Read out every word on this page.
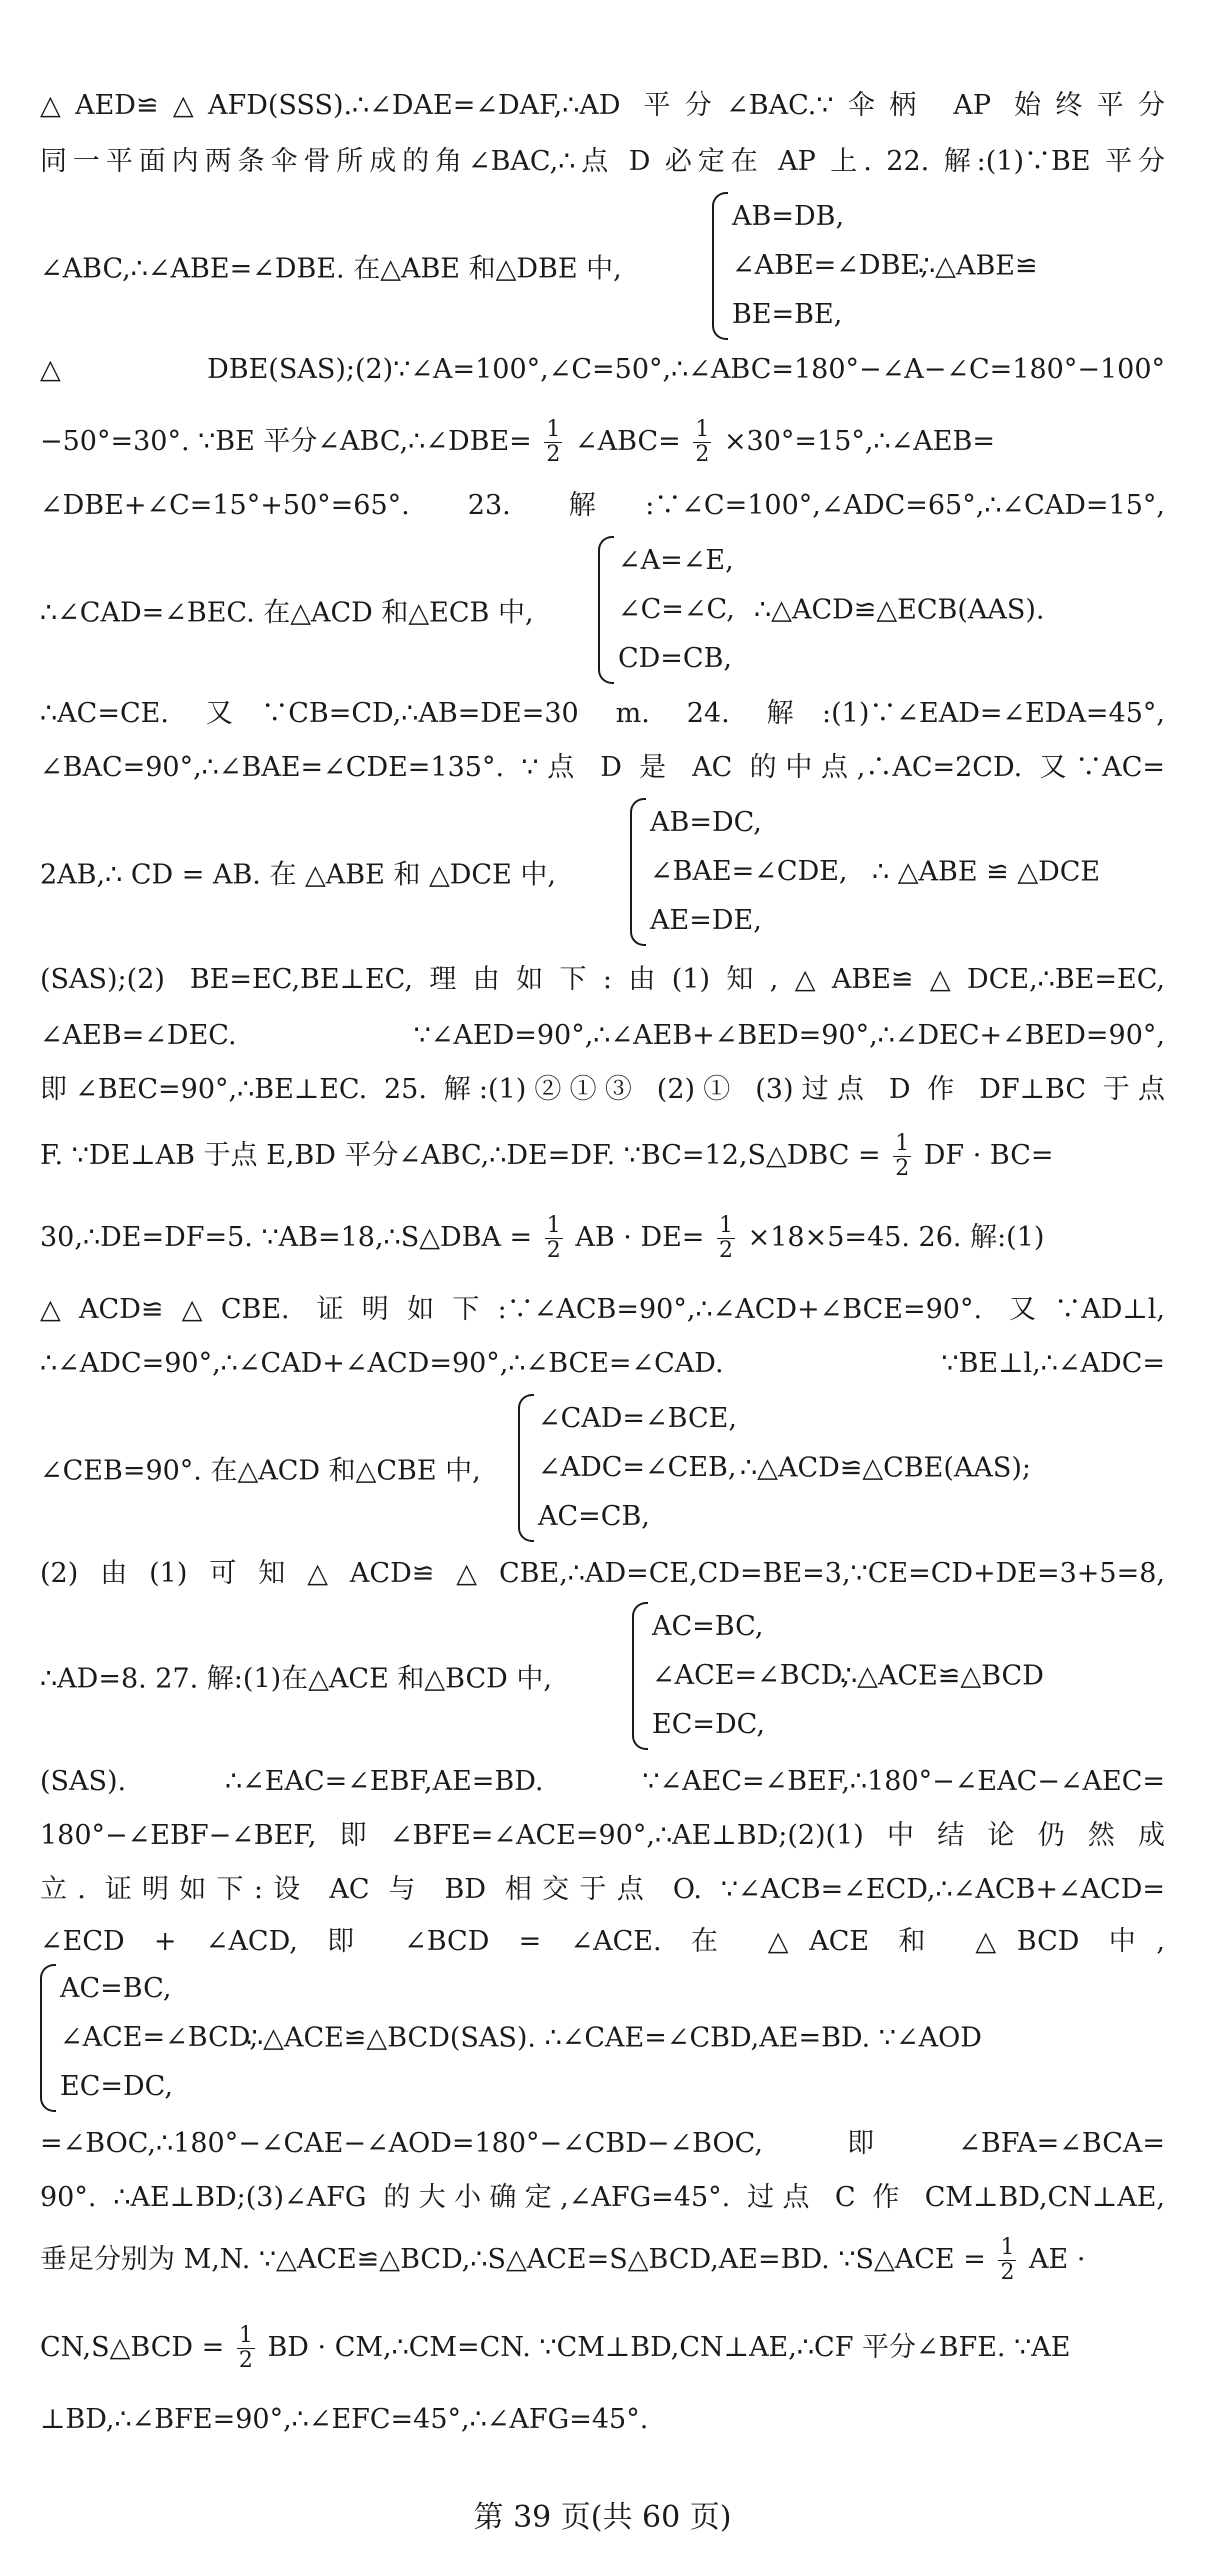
△AED≌△AFD(SSS).∴∠DAE=∠DAF,∴AD 平分∠BAC.∵伞柄 AP 始终平分
同一平面内两条伞骨所成的角∠BAC,∴点 D 必定在 AP 上. 22. 解:(1)∵BE 平分
∠ABC,∴∠ABE=∠DBE. 在△ABE 和△DBE 中,
AB=DB,
∠ABE=∠DBE,
BE=BE,
∴△ABE≌
△DBE(SAS);(2)∵∠A=100°,∠C=50°,∴∠ABC=180°−∠A−∠C=180°−100°
−50°=30°. ∵BE 平分∠ABC,∴∠DBE= $\frac{1}{2}$ ∠ABC= $\frac{1}{2}$ ×30°=15°,∴∠AEB=
∠DBE+∠C=15°+50°=65°. 23. 解:∵∠C=100°,∠ADC=65°,∴∠CAD=15°,
∴∠CAD=∠BEC. 在△ACD 和△ECB 中,
∠A=∠E,
∠C=∠C,
CD=CB,
∴△ACD≌△ECB(AAS).
∴AC=CE. 又∵CB=CD,∴AB=DE=30 m. 24. 解:(1)∵∠EAD=∠EDA=45°,
∠BAC=90°,∴∠BAE=∠CDE=135°. ∵点 D 是 AC 的中点,∴AC=2CD. 又∵AC=
2AB,∴ CD = AB. 在 △ABE 和 △DCE 中,
AB=DC,
∠BAE=∠CDE,
AE=DE,
∴ △ABE ≌ △DCE
(SAS);(2) BE=EC,BE⊥EC,理由如下:由(1)知,△ABE≌△DCE,∴BE=EC,
∠AEB=∠DEC. ∵∠AED=90°,∴∠AEB+∠BED=90°,∴∠DEC+∠BED=90°,
即∠BEC=90°,∴BE⊥EC. 25. 解:(1)②①③ (2)① (3)过点 D 作 DF⊥BC 于点
F. ∵DE⊥AB 于点 E,BD 平分∠ABC,∴DE=DF. ∵BC=12,S△DBC = $\frac{1}{2}$ DF · BC=
30,∴DE=DF=5. ∵AB=18,∴S△DBA = $\frac{1}{2}$ AB · $DE= \frac{1}{2} \times 18\times 5=45$. 26. 解:(1)
△ACD≌△CBE. 证明如下:∵∠ACB=90°,∴∠ACD+∠BCE=90°. 又∵AD⊥l,
∴∠ADC=90°,∴∠CAD+∠ACD=90°,∴∠BCE=∠CAD. ∵BE⊥l,∴∠ADC=
∠CEB=90°. 在△ACD 和△CBE 中,
∠CAD=∠BCE,
∠ADC=∠CEB,
AC=CB,
∴△ACD≌△CBE(AAS);
(2)由(1)可知△ACD≌△CBE,∴AD=CE,CD=BE=3,∵CE=CD+DE=3+5=8,
∴AD=8. 27. 解:(1)在△ACE 和△BCD 中,
AC=BC,
∠ACE=∠BCD,
EC=DC,
∴△ACE≌△BCD
(SAS). ∴∠EAC=∠EBF,AE=BD. ∵∠AEC=∠BEF,∴180°−∠EAC−∠AEC=
180°−∠EBF−∠BEF,即∠BFE=∠ACE=90°,∴AE⊥BD;(2)(1)中结论仍然成
立. 证明如下:设 AC 与 BD 相交于点 O. ∵∠ACB=∠ECD,∴∠ACB+∠ACD=
∠ECD + ∠ACD, 即 ∠BCD = ∠ACE. 在 △ACE 和 △BCD 中,
AC=BC,
∠ACE=∠BCD,
EC=DC,
∴△ACE≌△BCD(SAS). ∴∠CAE=∠CBD,AE=BD. ∵∠AOD
=∠BOC,∴180°−∠CAE−∠AOD=180°−∠CBD−∠BOC,即∠BFA=∠BCA=
90°. ∴AE⊥BD;(3)∠AFG 的大小确定,∠AFG=45°. 过点 C 作 CM⊥BD,CN⊥AE,
垂足分别为 M,N. ∵△ACE≌△BCD,∴S△ACE=S△BCD,AE=BD. ∵S△ACE = $\frac{1}{2}$ AE ·
CN,S△BCD = $\frac{1}{2}$ BD · CM,∴CM=CN. ∵CM⊥BD,CN⊥AE,∴CF 平分∠BFE. ∵AE
⊥BD,∴∠BFE=90°,∴∠EFC=45°,∴∠AFG=45°.
第 39 页(共 60 页)
